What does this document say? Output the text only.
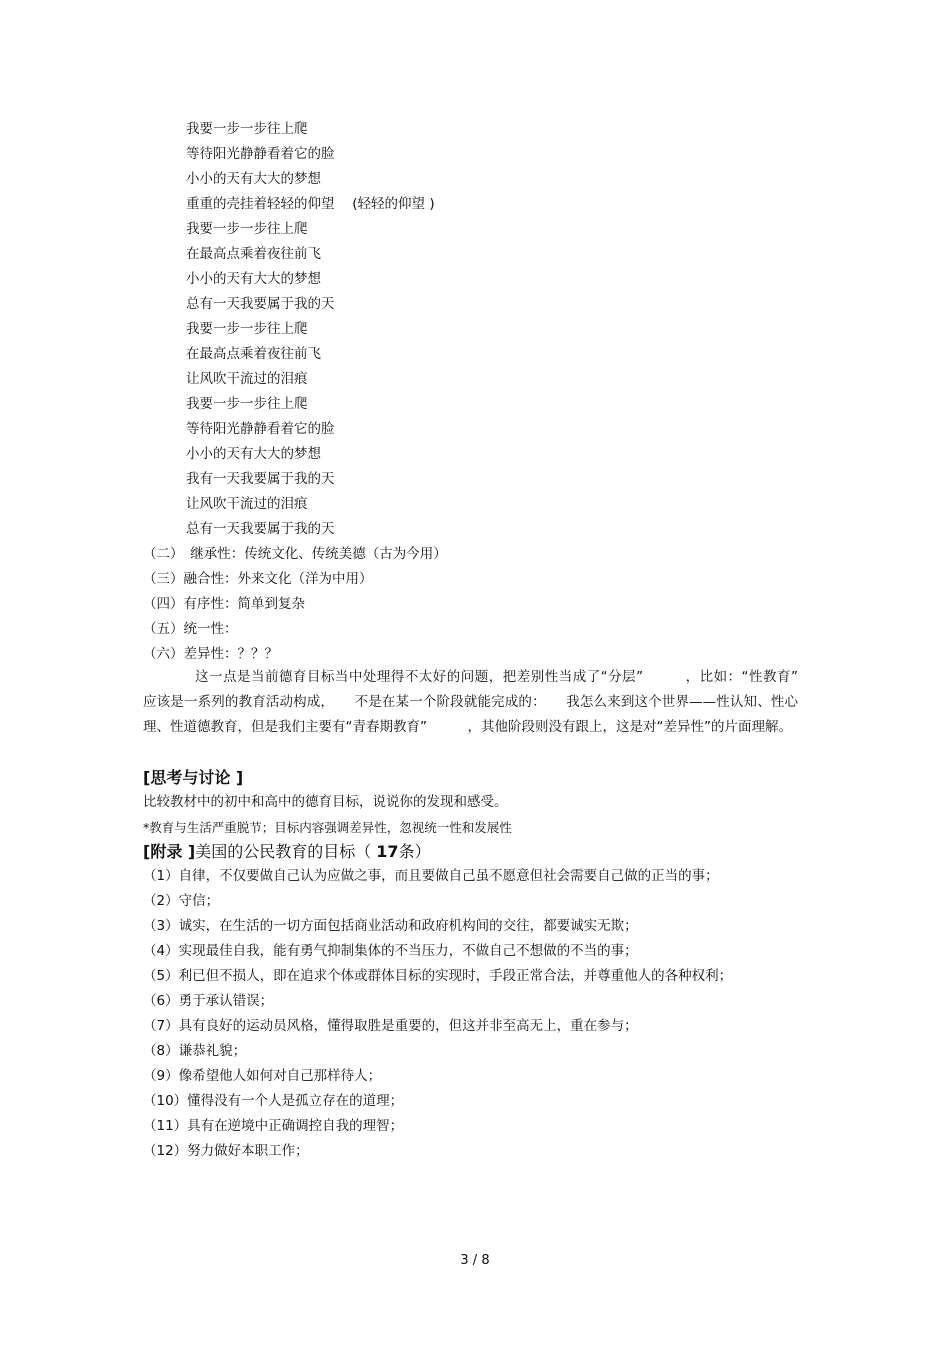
我要一步一步往上爬
等待阳光静静看着它的脸
小小的天有大大的梦想
重重的壳挂着轻轻的仰望 　(轻轻的仰望 )
我要一步一步往上爬
在最高点乘着夜往前飞
小小的天有大大的梦想
总有一天我要属于我的天
我要一步一步往上爬
在最高点乘着夜往前飞
让风吹干流过的泪痕
我要一步一步往上爬
等待阳光静静看着它的脸
小小的天有大大的梦想
我有一天我要属于我的天
让风吹干流过的泪痕
总有一天我要属于我的天
（二）　继承性：传统文化、传统美德（古为今用）
（三）融合性：外来文化（洋为中用）
（四）有序性：简单到复杂
（五）统一性：
（六）差异性：？？？
这一点是当前德育目标当中处理得不太好的问题，把差别性当成了“分层”　　　，比如：“性教育”　应该是一系列的教育活动构成，　　不是在某一个阶段就能完成的：　　我怎么来到这个世界——性认知、性心理、性道德教育，但是我们主要有“青春期教育”　　　，其他阶段则没有跟上，这是对“差异性”的片面理解。
[思考与讨论 ]
比较教材中的初中和高中的德育目标，说说你的发现和感受。
*教育与生活严重脱节；目标内容强调差异性，忽视统一性和发展性
[附录 ]美国的公民教育的目标（ 17条）
（1）自律，不仅要做自己认为应做之事，而且要做自己虽不愿意但社会需要自己做的正当的事；
（2）守信；
（3）诚实，在生活的一切方面包括商业活动和政府机构间的交往，都要诚实无欺；
（4）实现最佳自我，能有勇气抑制集体的不当压力，不做自己不想做的不当的事；
（5）利已但不损人，即在追求个体或群体目标的实现时，手段正常合法，并尊重他人的各种权利；
（6）勇于承认错误；
（7）具有良好的运动员风格，懂得取胜是重要的，但这并非至高无上，重在参与；
（8）谦恭礼貌；
（9）像希望他人如何对自己那样待人；
（10）懂得没有一个人是孤立存在的道理；
（11）具有在逆境中正确调控自我的理智；
（12）努力做好本职工作；
3 / 8
